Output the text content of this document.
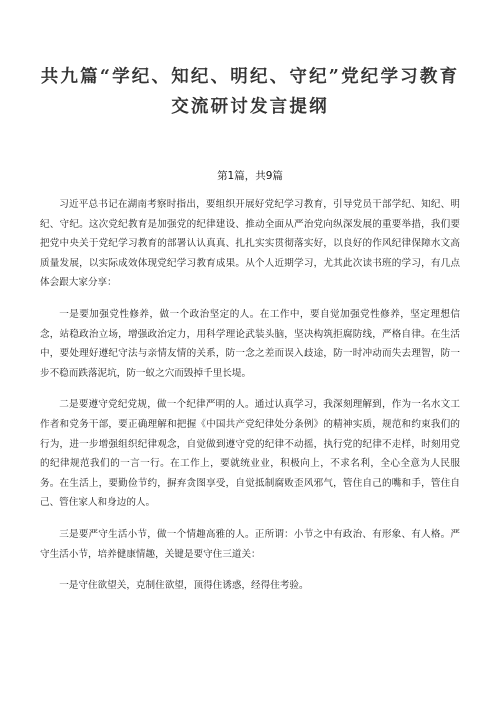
共九篇“学纪、知纪、明纪、守纪”党纪学习教育
交流研讨发言提纲
第1篇，共9篇

习近平总书记在湖南考察时指出，要组织开展好党纪学习教育，引导党员干部学纪、知纪、明纪、守纪。这次党纪教育是加强党的纪律建设、推动全面从严治党向纵深发展的重要举措，我们要把党中央关于党纪学习教育的部署认认真真、扎扎实实贯彻落实好，以良好的作风纪律保障水文高质量发展，以实际成效体现党纪学习教育成果。从个人近期学习，尤其此次读书班的学习，有几点体会跟大家分享：

一是要加强党性修养，做一个政治坚定的人。在工作中，要自觉加强党性修养，坚定理想信念，站稳政治立场，增强政治定力，用科学理论武装头脑，坚决构筑拒腐防线，严格自律。在生活中，要处理好遵纪守法与亲情友情的关系，防一念之差而误入歧途，防一时冲动而失去理智，防一步不稳而跌落泥坑，防一蚁之穴而毁掉千里长堤。

二是要遵守党纪党规，做一个纪律严明的人。通过认真学习，我深刻理解到，作为一名水文工作者和党务干部，要正确理解和把握《中国共产党纪律处分条例》的精神实质，规范和约束我们的行为，进一步增强组织纪律观念，自觉做到遵守党的纪律不动摇，执行党的纪律不走样，时刻用党的纪律规范我们的一言一行。在工作上，要就统业业，积极向上，不求名利，全心全意为人民服务。在生活上，要勤俭节约，摒弃贪图享受，自觉抵制腐败歪风邪气，管住自己的嘴和手，管住自己、管住家人和身边的人。

三是要严守生活小节，做一个情趣高雅的人。正所谓：小节之中有政治、有形象、有人格。严守生活小节，培养健康情趣，关键是要守住三道关：

一是守住欲望关，克制住欲望，顶得住诱惑，经得住考验。
